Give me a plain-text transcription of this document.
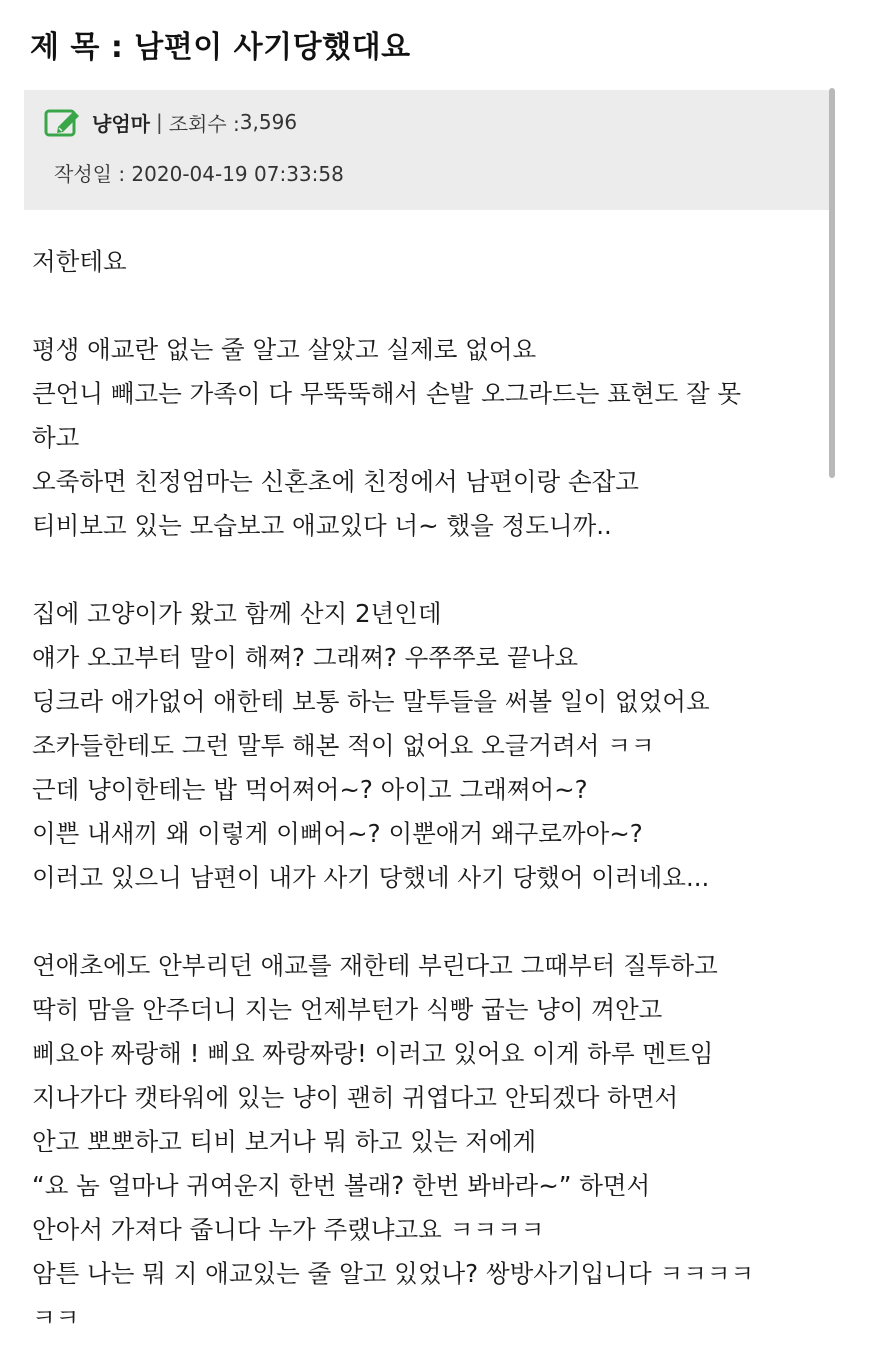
제 목 : 남편이 사기당했대요
냥엄마 | 조회수 : 3,596
작성일 : 2020-04-19 07:33:58
저한테요
평생 애교란 없는 줄 알고 살았고 실제로 없어요
큰언니 빼고는 가족이 다 무뚝뚝해서 손발 오그라드는 표현도 잘 못
하고
오죽하면 친정엄마는 신혼초에 친정에서 남편이랑 손잡고
티비보고 있는 모습보고 애교있다 너~ 했을 정도니까..
집에 고양이가 왔고 함께 산지 2년인데
얘가 오고부터 말이 해쪄? 그래쪄? 우쭈쭈로 끝나요
딩크라 애가없어 애한테 보통 하는 말투들을 써볼 일이 없었어요
조카들한테도 그런 말투 해본 적이 없어요 오글거려서 ㅋㅋ
근데 냥이한테는 밥 먹어쪄어~? 아이고 그래쪄어~?
이쁜 내새끼 왜 이렇게 이뻐어~? 이뿐애거 왜구로까아~?
이러고 있으니 남편이 내가 사기 당했네 사기 당했어 이러네요...
연애초에도 안부리던 애교를 재한테 부린다고 그때부터 질투하고
딱히 맘을 안주더니 지는 언제부턴가 식빵 굽는 냥이 껴안고
삐요야 짜랑해 ! 삐요 짜랑짜랑! 이러고 있어요 이게 하루 멘트임
지나가다 캣타워에 있는 냥이 괜히 귀엽다고 안되겠다 하면서
안고 뽀뽀하고 티비 보거나 뭐 하고 있는 저에게
“요 놈 얼마나 귀여운지 한번 볼래? 한번 봐바라~” 하면서
안아서 가져다 줍니다 누가 주랬냐고요 ㅋㅋㅋㅋ
암튼 나는 뭐 지 애교있는 줄 알고 있었나? 쌍방사기입니다 ㅋㅋㅋㅋ
ㅋㅋ
